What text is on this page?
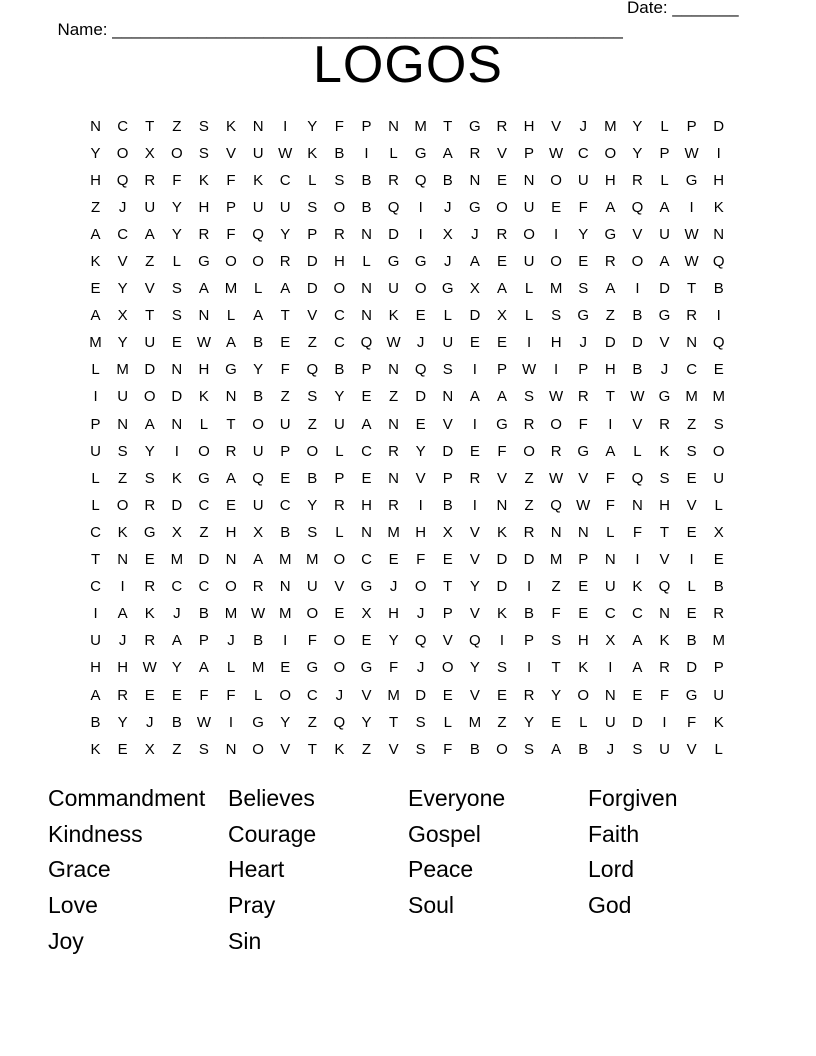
Name: ______________________________________________________

Date: _______

LOGOS
N	C	T	Z	S	K	N	I	Y	F	P	N	M	T	G	R	H	V	J	M	Y	L	P	D
Y	O	X	O	S	V	U W	K	B	I	L	G	A	R	V	P	W C	O	Y	P	W	I
H	Q	R	F	K	F	K	C	L	S	B	R	Q	B	N	E	N	O	U	H	R	L	G	H
Z	J	U	Y	H	P	U	U	S	O	B	Q	I	J	G	O	U	E	F	A	Q	A	I	K
A	C	A	Y	R	F	Q	Y	P	R	N	D	I	X	J	R	O	I	Y	G	V	U W N
K	V	Z	L	G	O	O	R	D	H	L	G	G	J	A	E	U	O	E	R	O	A	W Q
E	Y	V	S	A	M	L	A	D	O	N	U	O	G	X	A	L	M	S	A	I	D	T	B
A	X	T	S	N	L	A	T	V	C	N	K	E	L	D	X	L	S	G	Z	B	G	R	I
M	Y	U	E	W	A	B	E	Z	C	Q W	J	U	E	E	I	H	J	D	D	V	N	Q
L	M	D	N	H	G	Y	F	Q	B	P	N	Q	S	I	P	W	I	P	H	B	J	C	E
I	U	O	D	K	N	B	Z	S	Y	E	Z	D	N	A	A	S	W R	T	W G	M M
P	N	A	N	L	T	O	U	Z	U	A	N	E	V	I	G	R	O	F	I	V	R	Z	S
U	S	Y	I	O	R	U	P	O	L	C	R	Y	D	E	F	O	R	G	A	L	K	S	O
L	Z	S	K	G	A	Q	E	B	P	E	N	V	P	R	V	Z	W	V	F	Q	S	E	U
L	O	R	D	C	E	U	C	Y	R	H	R	I	B	I	N	Z	Q W	F	N	H	V	L
C	K	G	X	Z	H	X	B	S	L	N	M	H	X	V	K	R	N	N	L	F	T	E	X
T	N	E	M	D	N	A	M M	O	C	E	F	E	V	D	D	M	P	N	I	V	I	E
C	I	R	C	C	O	R	N	U	V	G	J	O	T	Y	D	I	Z	E	U	K	Q	L	B
I	A	K	J	B	M W M	O	E	X	H	J	P	V	K	B	F	E	C	C	N	E	R
U	J	R	A	P	J	B	I	F	O	E	Y	Q	V	Q	I	P	S	H	X	A	K	B	M
H	H W	Y	A	L	M	E	G	O	G	F	J	O	Y	S	I	T	K	I	A	R	D	P
A	R	E	E	F	F	L	O	C	J	V	M	D	E	V	E	R	Y	O	N	E	F	G	U
B	Y	J	B	W	I	G	Y	Z	Q	Y	T	S	L	M	Z	Y	E	L	U	D	I	F	K
K	E	X	Z	S	N	O	V	T	K	Z	V	S	F	B	O	S	A	B	J	S	U	V	L
Commandment Believes	Everyone	Forgiven
Kindness	Courage	Gospel	Faith
Grace	Heart	Peace	Lord
Love	Pray	Soul	God
Joy	Sin
